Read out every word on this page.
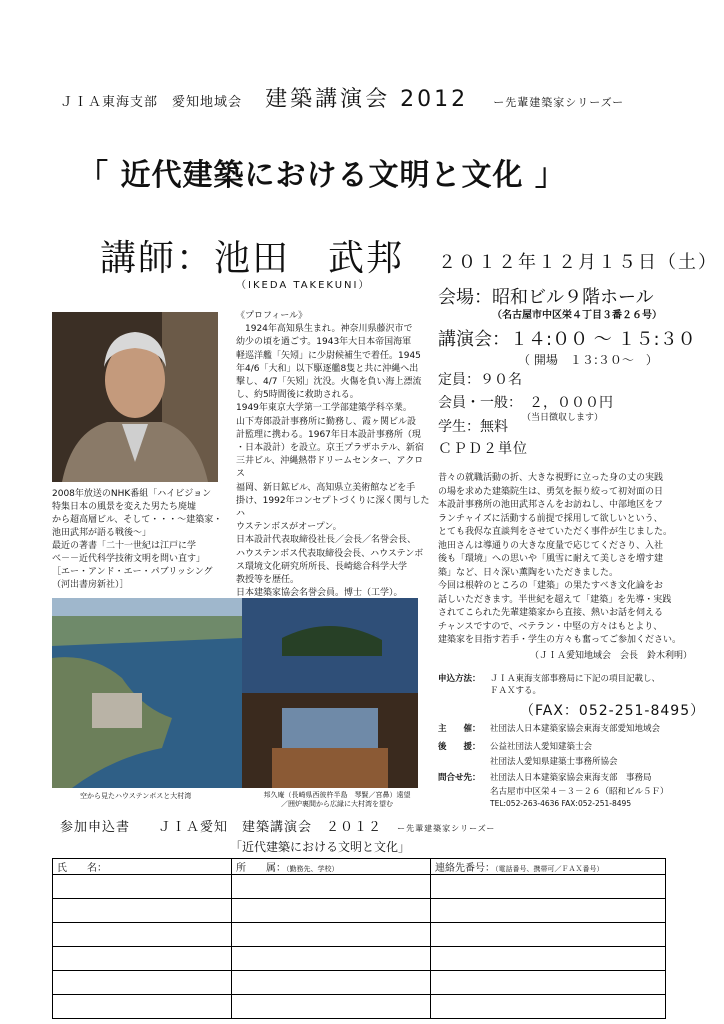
ＪＩＡ東海支部　愛知地域会 建築講演会 2012 ー先輩建築家シリーズー
「 近代建築における文明と文化 」
講師：池田　武邦
（IKEDA TAKEKUNI）
２０１２年１２月１５日（土）
会場：昭和ビル９階ホール
（名古屋市中区栄４丁目３番２６号）
講演会：１４:００ ～ １５:３０
（ 開場　１３:３０～　）
定員：９０名
会員・一般：　２，０００円
（当日徴収します）
学生：無料
ＣＰＤ２単位
2008年放送のNHK番組「ハイビジョン
特集日本の風景を変えた男たち廃墟
から超高層ビル、そして・・・～建築家・
池田武邦が語る戦後～」
最近の著書「二十一世紀は江戸に学
べ－－近代科学技術文明を問い直す」
［エー・アンド・エー・パブリッシング
（河出書房新社）］
《プロフィール》
　1924年高知県生まれ。神奈川県藤沢市で
幼少の頃を過ごす。1943年大日本帝国海軍
軽巡洋艦「矢矧」に少尉候補生で着任。1945
年4/6「大和」以下駆逐艦8隻と共に沖縄へ出
撃し、4/7「矢矧」沈没。火傷を負い海上漂流
し、約5時間後に救助される。
1949年東京大学第一工学部建築学科卒業。
山下寿郎設計事務所に勤務し、霞ヶ関ビル設
計監理に携わる。1967年日本設計事務所（現
・日本設計）を設立。京王プラザホテル、新宿
三井ビル、沖縄熱帯ドリームセンター、アクロス
福岡、新日鉱ビル、高知県立美術館などを手
掛け、1992年コンセプトづくりに深く関与したハ
ウステンボスがオープン。
日本設計代表取締役社長／会長／名誉会長、
ハウステンボス代表取締役会長、ハウステンボ
ス環境文化研究所所長、長崎総合科学大学
教授等を歴任。
日本建築家協会名誉会員。博士（工学）。
昔々の就職活動の折、大きな視野に立った身の丈の実践
の場を求めた建築院生は、勇気を振り絞って初対面の日
本設計事務所の池田武邦さんをお訪ねし、中部地区をフ
ランチャイズに活動する前提で採用して欲しいという、
とても我侭な直談判をさせていただく事件が生じました。
池田さんは導通りの大きな度量で応じてくださり、入社
後も「環境」への思いや「風雪に耐えて美しさを増す建
築」など、日々深い薫陶をいただきました。
今回は根幹のところの「建築」の果たすべき文化論をお
話しいただきます。半世紀を超えて「建築」を先導・実践
されてこられた先輩建築家から直接、熱いお話を伺える
チャンスですので、ベテラン・中堅の方々はもとより、
建築家を目指す若手・学生の方々も奮ってご参加ください。
（ＪＩＡ愛知地域会　会長　鈴木利明）
申込方法： ＪＩＡ東海支部事務局に下記の項目記載し、
ＦＡＸする。
（FAX：052-251-8495）
主　　催： 社団法人日本建築家協会東海支部愛知地域会
後　　援： 公益社団法人愛知建築士会
社団法人愛知県建築士事務所協会
問合せ先： 社団法人日本建築家協会東海支部　事務局
名古屋市中区栄４－３－２６（昭和ビル５Ｆ）
TEL:052-263-4636 FAX:052-251-8495
空から見たハウステンボスと大村湾	邦久庵（長崎県西彼杵半島　琴賢／宮鼻）遠望
／囲炉裏間から広縁に大村湾を望む
参加申込書　　ＪＩＡ愛知　建築講演会　２０１２ ー先輩建築家シリーズー
「近代建築における文明と文化」
氏　　名：	所　　属：（勤務先、学校）	連絡先番号：（電話番号、携帯可／ＦＡＸ番号）
